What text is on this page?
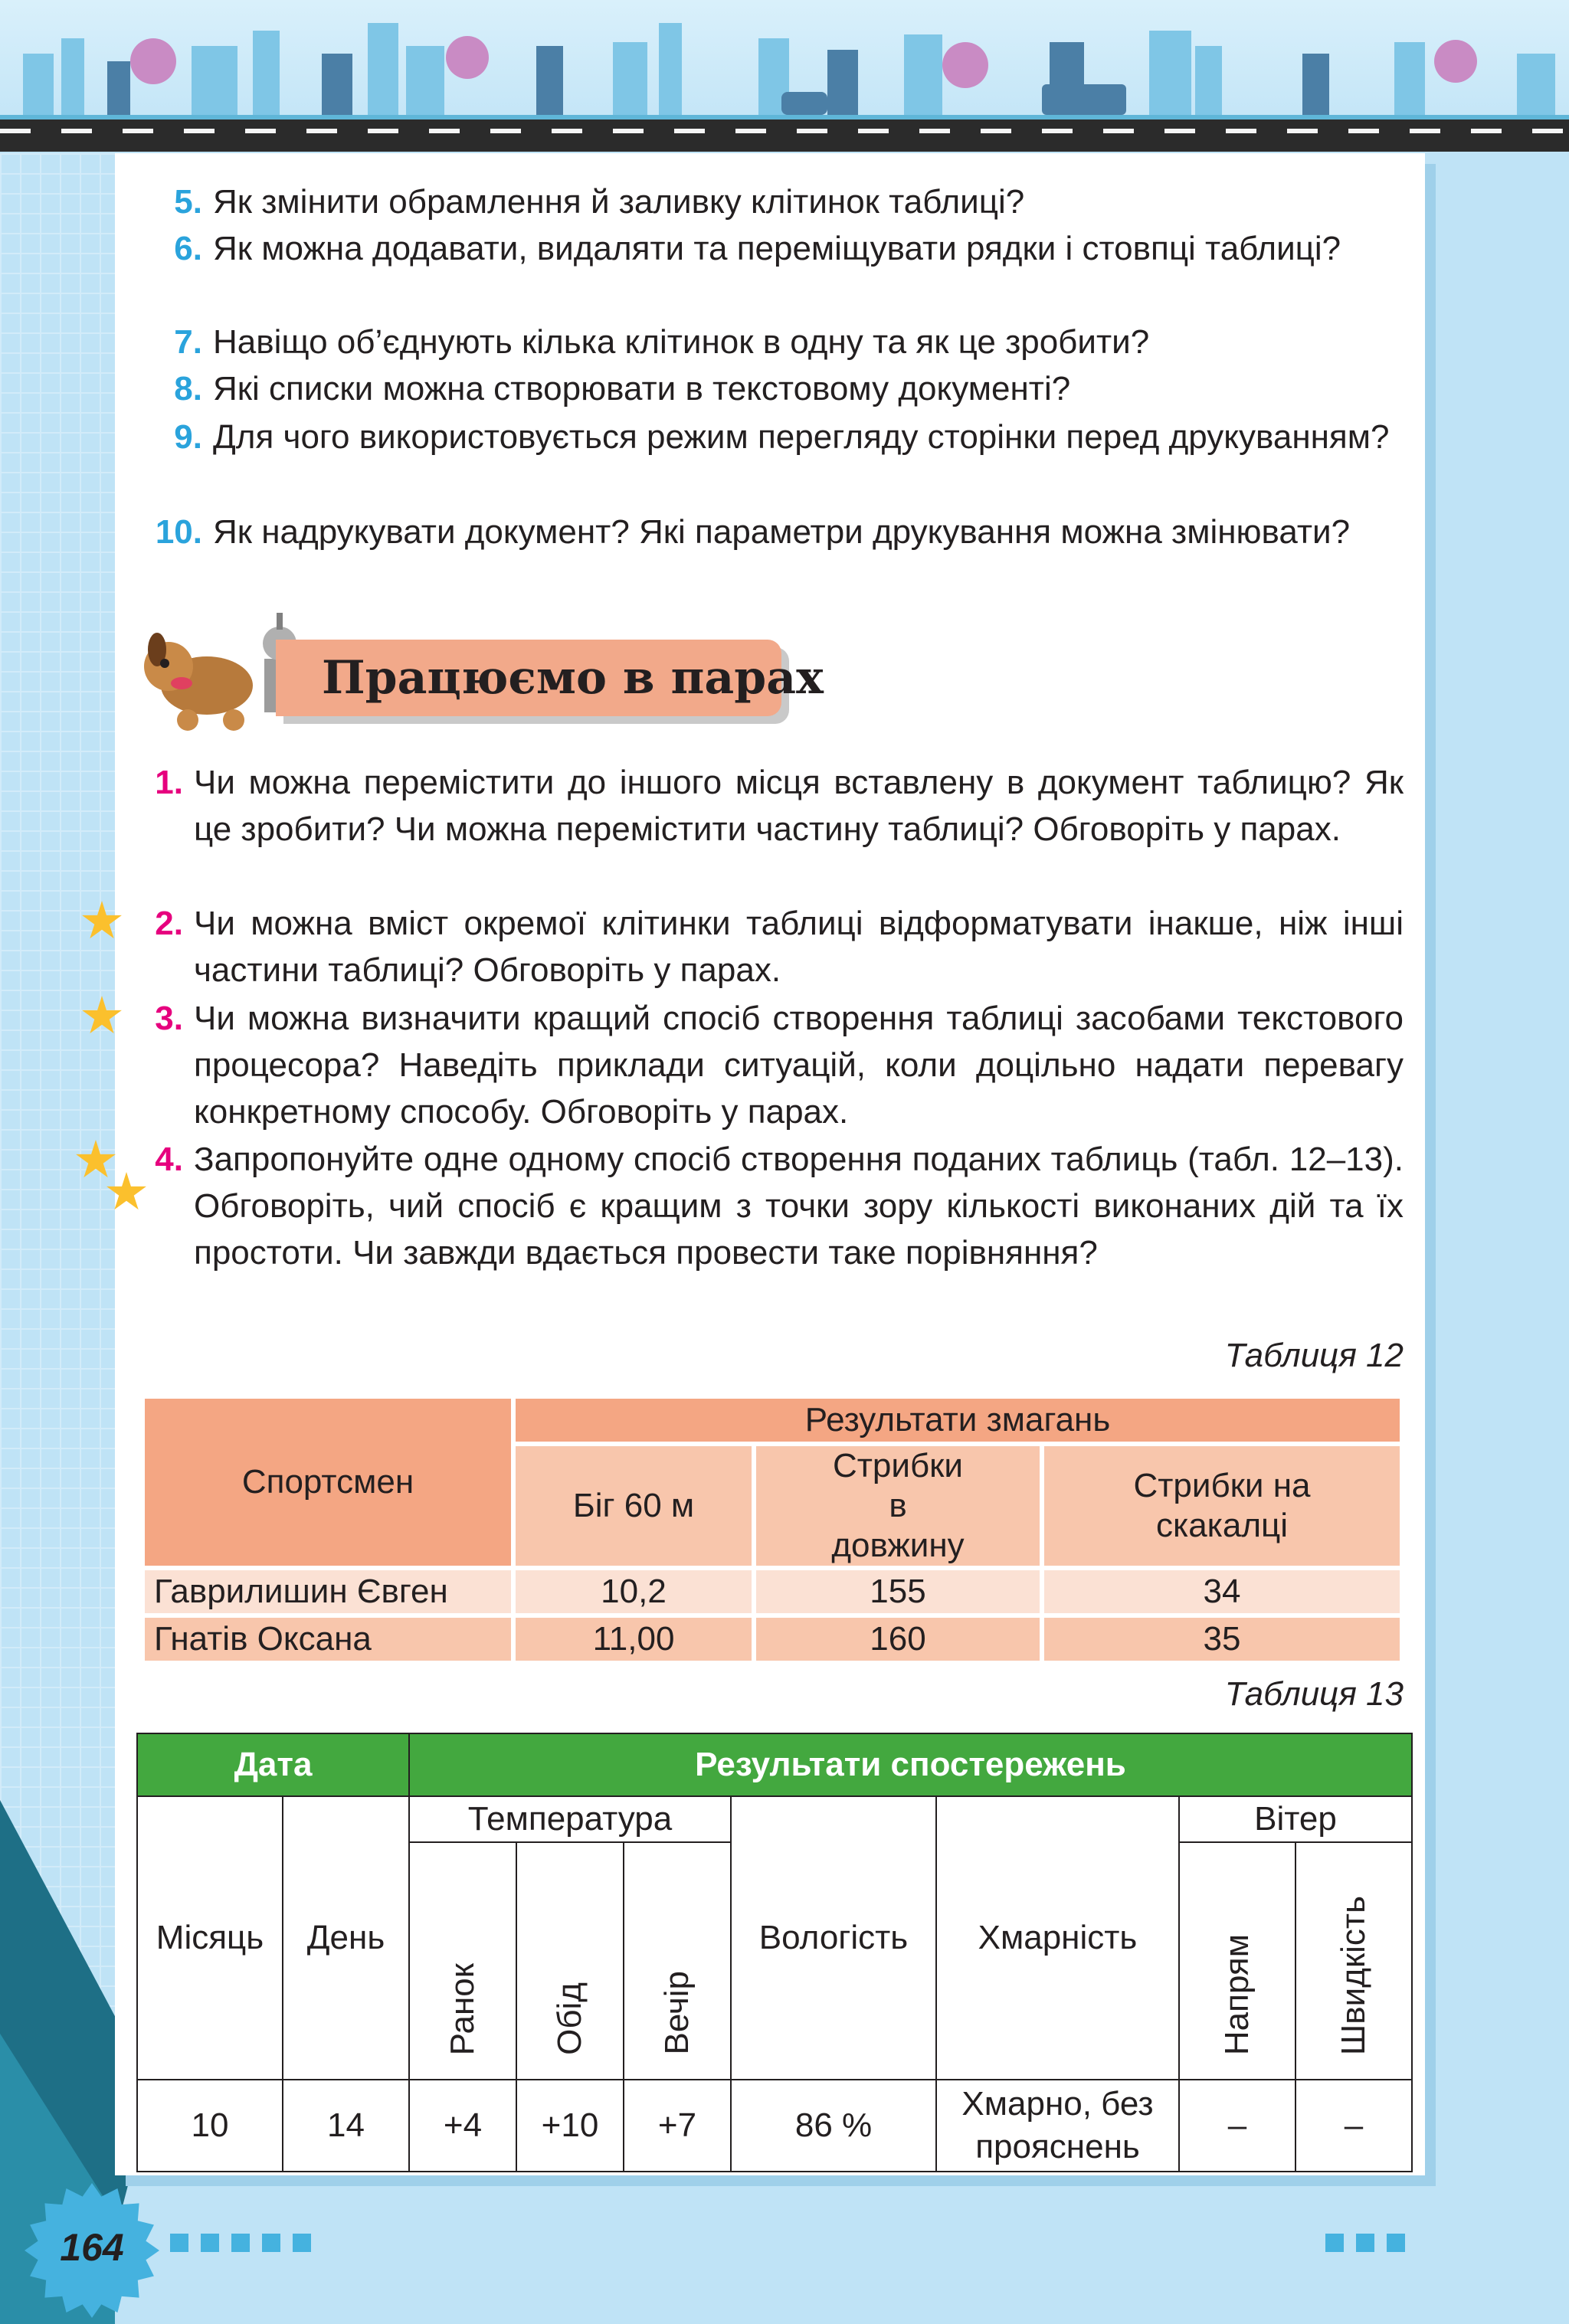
5. Як змінити обрамлення й заливку клітинок таблиці?
6. Як можна додавати, видаляти та переміщувати рядки і стовпці таблиці?
7. Навіщо об’єднують кілька клітинок в одну та як це зробити?
8. Які списки можна створювати в текстовому документі?
9. Для чого використовується режим перегляду сторінки перед друкуванням?
10. Як надрукувати документ? Які параметри друкування можна змінювати?
Працюємо в парах
1. Чи можна перемістити до іншого місця вставлену в документ таблицю? Як це зробити? Чи можна перемістити частину таблиці? Обговоріть у парах.
2. Чи можна вміст окремої клітинки таблиці відформатувати інакше, ніж інші частини таблиці? Обговоріть у парах.
3. Чи можна визначити кращий спосіб створення таблиці засобами текстового процесора? Наведіть приклади ситуацій, коли доцільно надати перевагу конкретному способу. Обговоріть у парах.
4. Запропонуйте одне одному спосіб створення поданих таблиць (табл. 12–13). Обговоріть, чий спосіб є кращим з точки зору кількості виконаних дій та їх простоти. Чи завжди вдається провести таке порівняння?
Таблиця 12
Спортсмен	Результати змагань		
	Біг 60 м	Стрибки в довжину	Стрибки на скакалці

Гаврилишин Євген	10,2	155	34
Гнатів Оксана	11,00	160	35
Таблиця 13
Дата		Результати спостережень						
Місяць	День	Температура			Вологість	Хмарність	Вітер	
		Ранок	Обід	Вечір			Напрям	Швидкість
10	14	+4	+10	+7	86 %	Хмарно, без прояснень	–	–
164
